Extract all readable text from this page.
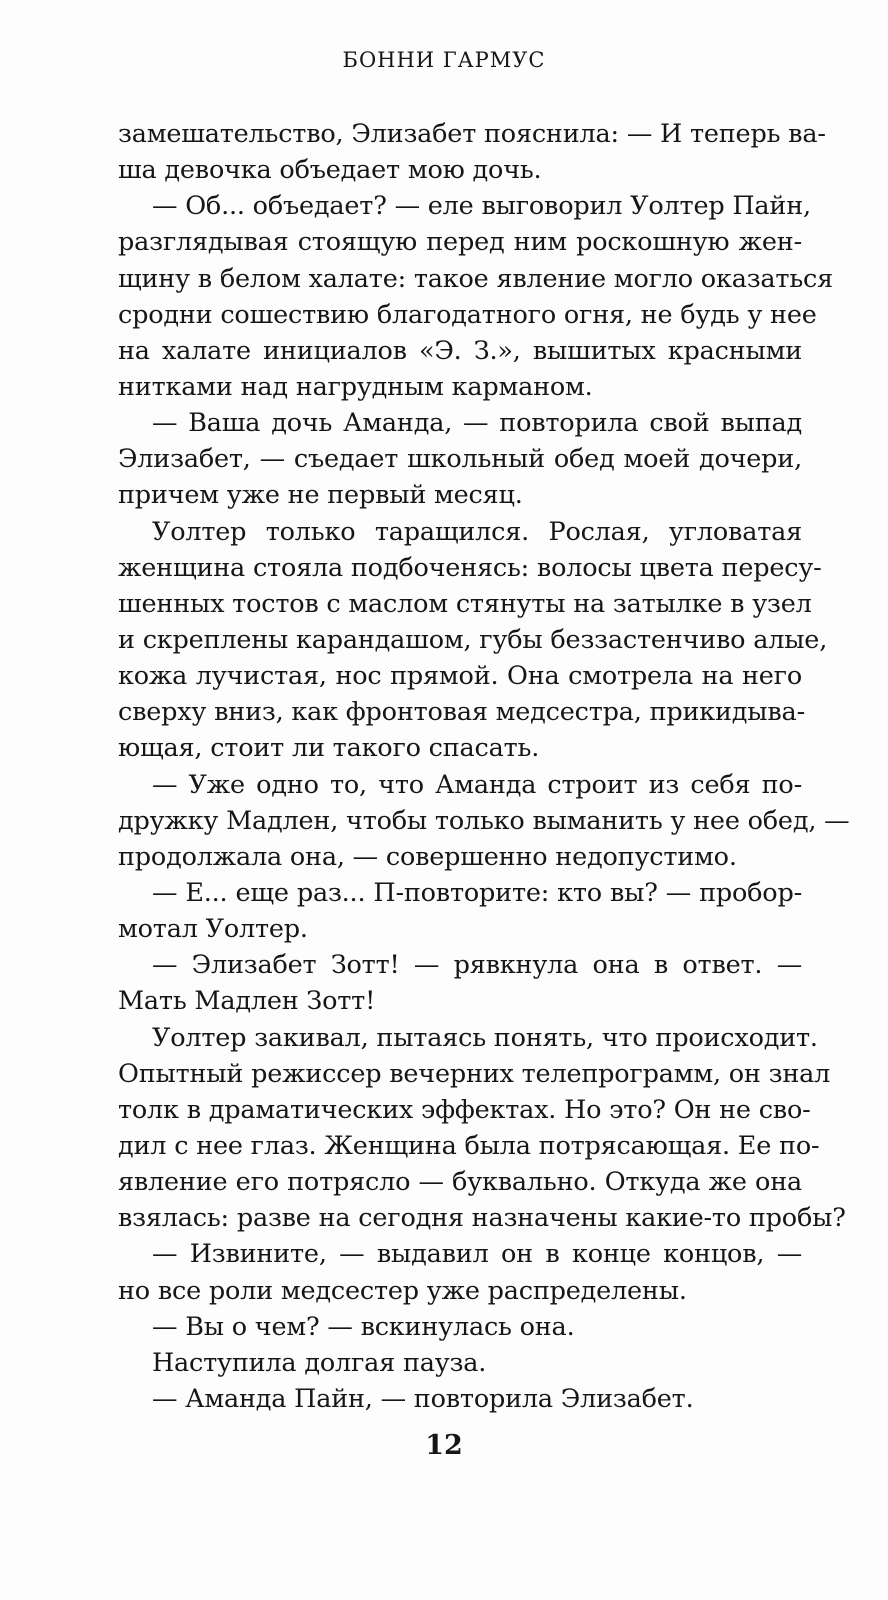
БОННИ ГАРМУС
замешательство, Элизабет пояснила: — И теперь ва-
ша девочка объедает мою дочь.
— Об... объедает? — еле выговорил Уолтер Пайн,
разглядывая стоящую перед ним роскошную жен-
щину в белом халате: такое явление могло оказаться
сродни сошествию благодатного огня, не будь у нее
на халате инициалов «Э. З.», вышитых красными
нитками над нагрудным карманом.
— Ваша дочь Аманда, — повторила свой выпад
Элизабет, — съедает школьный обед моей дочери,
причем уже не первый месяц.
Уолтер только таращился. Рослая, угловатая
женщина стояла подбоченясь: волосы цвета пересу-
шенных тостов с маслом стянуты на затылке в узел
и скреплены карандашом, губы беззастенчиво алые,
кожа лучистая, нос прямой. Она смотрела на него
сверху вниз, как фронтовая медсестра, прикидыва-
ющая, стоит ли такого спасать.
— Уже одно то, что Аманда строит из себя по-
дружку Мадлен, чтобы только выманить у нее обед, —
продолжала она, — совершенно недопустимо.
— Е... еще раз... П-повторите: кто вы? — пробор-
мотал Уолтер.
— Элизабет Зотт! — рявкнула она в ответ. —
Мать Мадлен Зотт!
Уолтер закивал, пытаясь понять, что происходит.
Опытный режиссер вечерних телепрограмм, он знал
толк в драматических эффектах. Но это? Он не сво-
дил с нее глаз. Женщина была потрясающая. Ее по-
явление его потрясло — буквально. Откуда же она
взялась: разве на сегодня назначены какие-то пробы?
— Извините, — выдавил он в конце концов, —
но все роли медсестер уже распределены.
— Вы о чем? — вскинулась она.
Наступила долгая пауза.
— Аманда Пайн, — повторила Элизабет.
12
